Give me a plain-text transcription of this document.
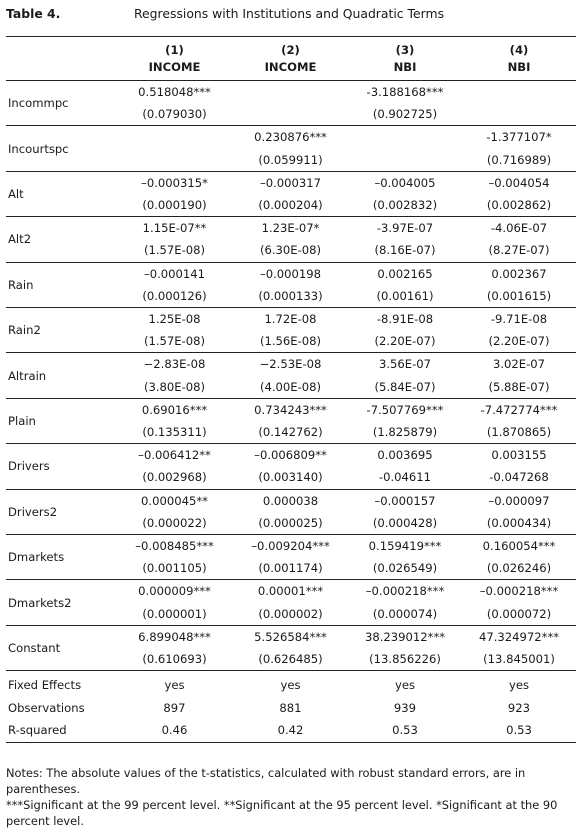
Table 4.	Regressions with Institutions and Quadratic Terms
	(1)	(2)	(3)	(4)
	INCOME	INCOME	NBI	NBI
Incommpc	0.518048***		-3.188168***	
	(0.079030)		(0.902725)	
Incourtspc		0.230876***		-1.377107*
		(0.059911)		(0.716989)
Alt	–0.000315*	–0.000317	–0.004005	–0.004054
	(0.000190)	(0.000204)	(0.002832)	(0.002862)
Alt2	1.15E-07**	1.23E-07*	-3.97E-07	-4.06E-07
	(1.57E-08)	(6.30E-08)	(8.16E-07)	(8.27E-07)
Rain	–0.000141	–0.000198	0.002165	0.002367
	(0.000126)	(0.000133)	(0.00161)	(0.001615)
Rain2	1.25E-08	1.72E-08	-8.91E-08	-9.71E-08
	(1.57E-08)	(1.56E-08)	(2.20E-07)	(2.20E-07)
Altrain	−2.83E-08	−2.53E-08	3.56E-07	3.02E-07
	(3.80E-08)	(4.00E-08)	(5.84E-07)	(5.88E-07)
Plain	0.69016***	0.734243***	-7.507769***	-7.472774***
	(0.135311)	(0.142762)	(1.825879)	(1.870865)
Drivers	–0.006412**	–0.006809**	0.003695	0.003155
	(0.002968)	(0.003140)	-0.04611	-0.047268
Drivers2	0.000045**	0.000038	–0.000157	–0.000097
	(0.000022)	(0.000025)	(0.000428)	(0.000434)
Dmarkets	–0.008485***	–0.009204***	0.159419***	0.160054***
	(0.001105)	(0.001174)	(0.026549)	(0.026246)
Dmarkets2	0.000009***	0.00001***	–0.000218***	–0.000218***
	(0.000001)	(0.000002)	(0.000074)	(0.000072)
Constant	6.899048***	5.526584***	38.239012***	47.324972***
	(0.610693)	(0.626485)	(13.856226)	(13.845001)
Fixed Effects	yes	yes	yes	yes
Observations	897	881	939	923
R-squared	0.46	0.42	0.53	0.53
Notes: The absolute values of the t-statistics, calculated with robust standard errors, are in parentheses.
***Significant at the 99 percent level. **Significant at the 95 percent level. *Significant at the 90 percent level.
